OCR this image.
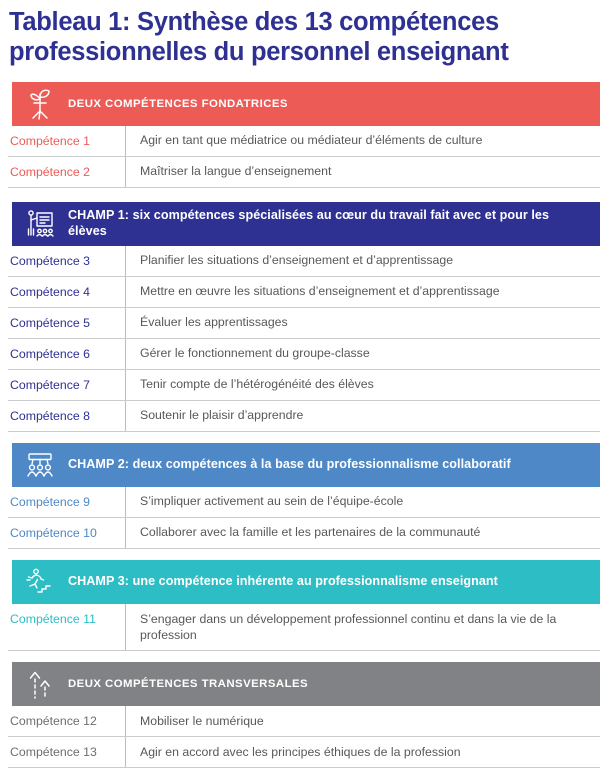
Tableau 1: Synthèse des 13 compétences
professionnelles du personnel enseignant
DEUX COMPÉTENCES FONDATRICES
Compétence 1	Agir en tant que médiatrice ou médiateur d’éléments de culture
Compétence 2	Maîtriser la langue d’enseignement
CHAMP 1: six compétences spécialisées au cœur du travail fait avec et pour les élèves
Compétence 3	Planifier les situations d’enseignement et d’apprentissage
Compétence 4	Mettre en œuvre les situations d’enseignement et d’apprentissage
Compétence 5	Évaluer les apprentissages
Compétence 6	Gérer le fonctionnement du groupe-classe
Compétence 7	Tenir compte de l’hétérogénéité des élèves
Compétence 8	Soutenir le plaisir d’apprendre
CHAMP 2: deux compétences à la base du professionnalisme collaboratif
Compétence 9	S’impliquer activement au sein de l’équipe-école
Compétence 10	Collaborer avec la famille et les partenaires de la communauté
CHAMP 3: une compétence inhérente au professionnalisme enseignant
Compétence 11	S’engager dans un développement professionnel continu et dans la vie de la profession
DEUX COMPÉTENCES TRANSVERSALES
Compétence 12	Mobiliser le numérique
Compétence 13	Agir en accord avec les principes éthiques de la profession
